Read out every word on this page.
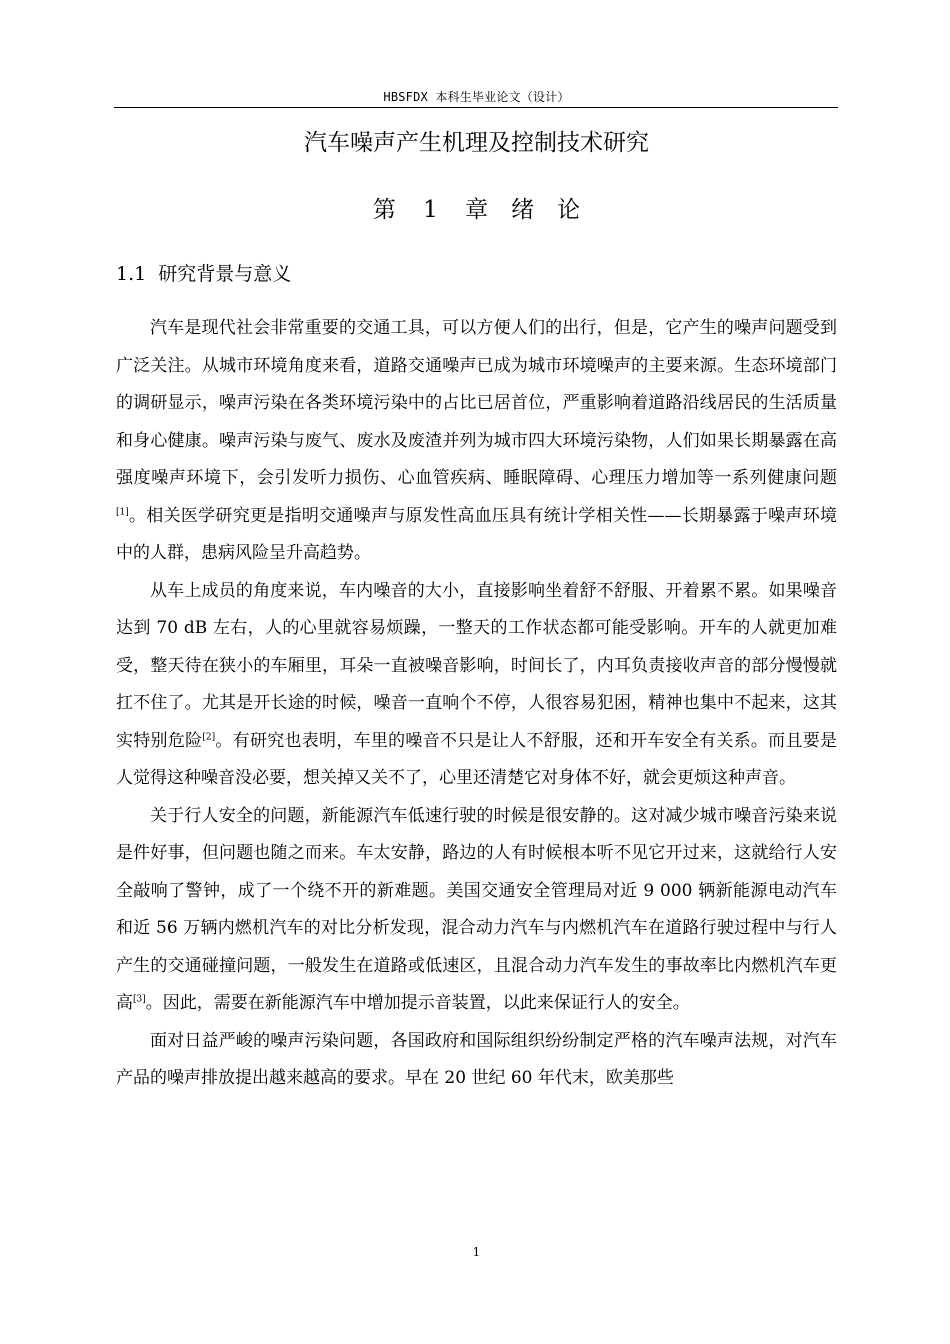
HBSFDX 本科生毕业论文（设计）
汽车噪声产生机理及控制技术研究
第 1 章　绪　论
1.1 研究背景与意义

汽车是现代社会非常重要的交通工具，可以方便人们的出行，但是，它产生的噪声问题受到广泛关注。从城市环境角度来看，道路交通噪声已成为城市环境噪声的主要来源。生态环境部门的调研显示，噪声污染在各类环境污染中的占比已居首位，严重影响着道路沿线居民的生活质量和身心健康。噪声污染与废气、废水及废渣并列为城市四大环境污染物，人们如果长期暴露在高强度噪声环境下，会引发听力损伤、心血管疾病、睡眠障碍、心理压力增加等一系列健康问题[1]。相关医学研究更是指明交通噪声与原发性高血压具有统计学相关性——长期暴露于噪声环境中的人群，患病风险呈升高趋势。

从车上成员的角度来说，车内噪音的大小，直接影响坐着舒不舒服、开着累不累。如果噪音达到 70 dB 左右，人的心里就容易烦躁，一整天的工作状态都可能受影响。开车的人就更加难受，整天待在狭小的车厢里，耳朵一直被噪音影响，时间长了，内耳负责接收声音的部分慢慢就扛不住了。尤其是开长途的时候，噪音一直响个不停，人很容易犯困，精神也集中不起来，这其实特别危险[2]。有研究也表明，车里的噪音不只是让人不舒服，还和开车安全有关系。而且要是人觉得这种噪音没必要，想关掉又关不了，心里还清楚它对身体不好，就会更烦这种声音。

关于行人安全的问题，新能源汽车低速行驶的时候是很安静的。这对减少城市噪音污染来说是件好事，但问题也随之而来。车太安静，路边的人有时候根本听不见它开过来，这就给行人安全敲响了警钟，成了一个绕不开的新难题。美国交通安全管理局对近 9 000 辆新能源电动汽车和近 56 万辆内燃机汽车的对比分析发现，混合动力汽车与内燃机汽车在道路行驶过程中与行人产生的交通碰撞问题，一般发生在道路或低速区，且混合动力汽车发生的事故率比内燃机汽车更高[3]。因此，需要在新能源汽车中增加提示音装置，以此来保证行人的安全。

面对日益严峻的噪声污染问题，各国政府和国际组织纷纷制定严格的汽车噪声法规，对汽车产品的噪声排放提出越来越高的要求。早在 20 世纪 60 年代末，欧美那些

1
